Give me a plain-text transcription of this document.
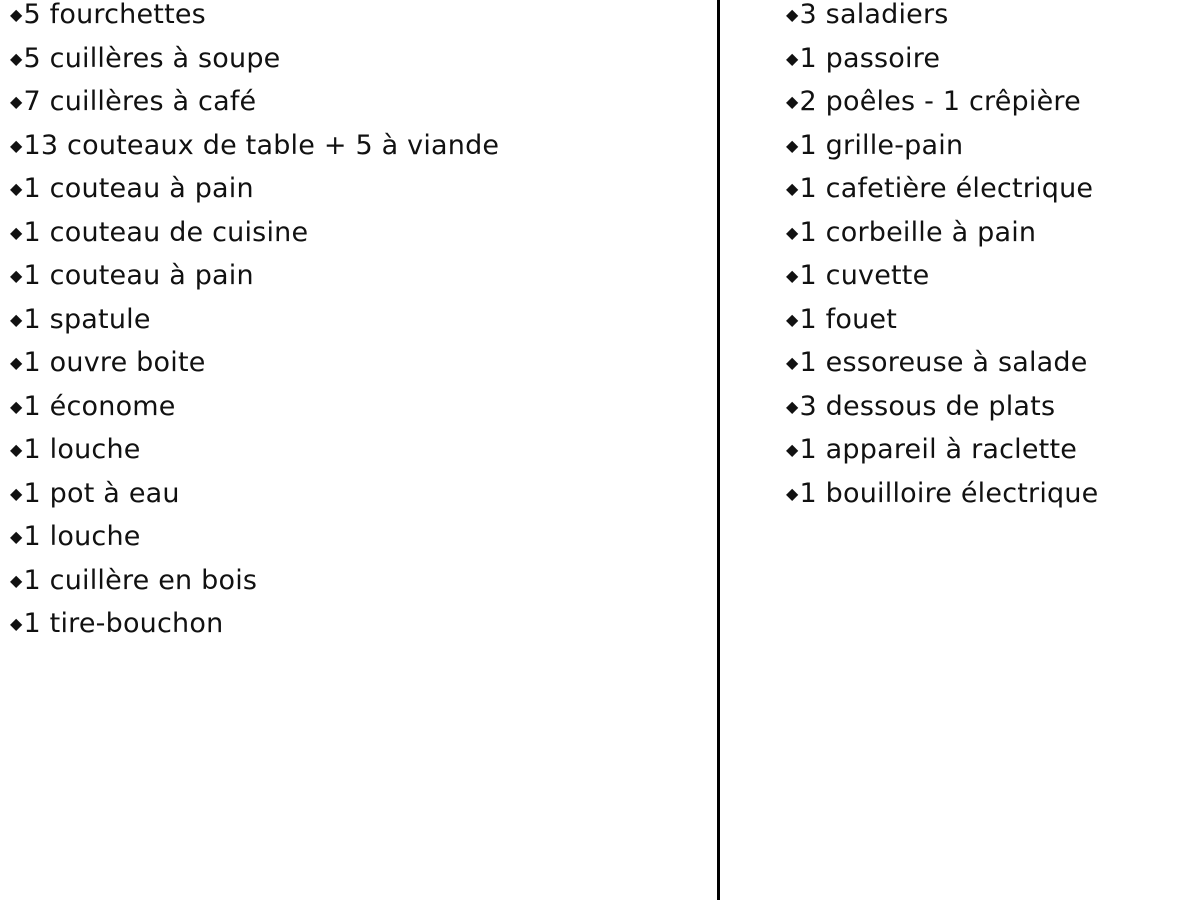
◆5 fourchettes
◆5 cuillères à soupe
◆7 cuillères à café
◆13 couteaux de table + 5 à viande
◆1 couteau à pain
◆1 couteau de cuisine
◆1 couteau à pain
◆1 spatule
◆1 ouvre boite
◆1 économe
◆1 louche
◆1 pot à eau
◆1 louche
◆1 cuillère en bois
◆1 tire-bouchon
◆3 saladiers
◆1 passoire
◆2 poêles - 1 crêpière
◆1 grille-pain
◆1 cafetière électrique
◆1 corbeille à pain
◆1 cuvette
◆1 fouet
◆1 essoreuse à salade
◆3 dessous de plats
◆1 appareil à raclette
◆1 bouilloire électrique
